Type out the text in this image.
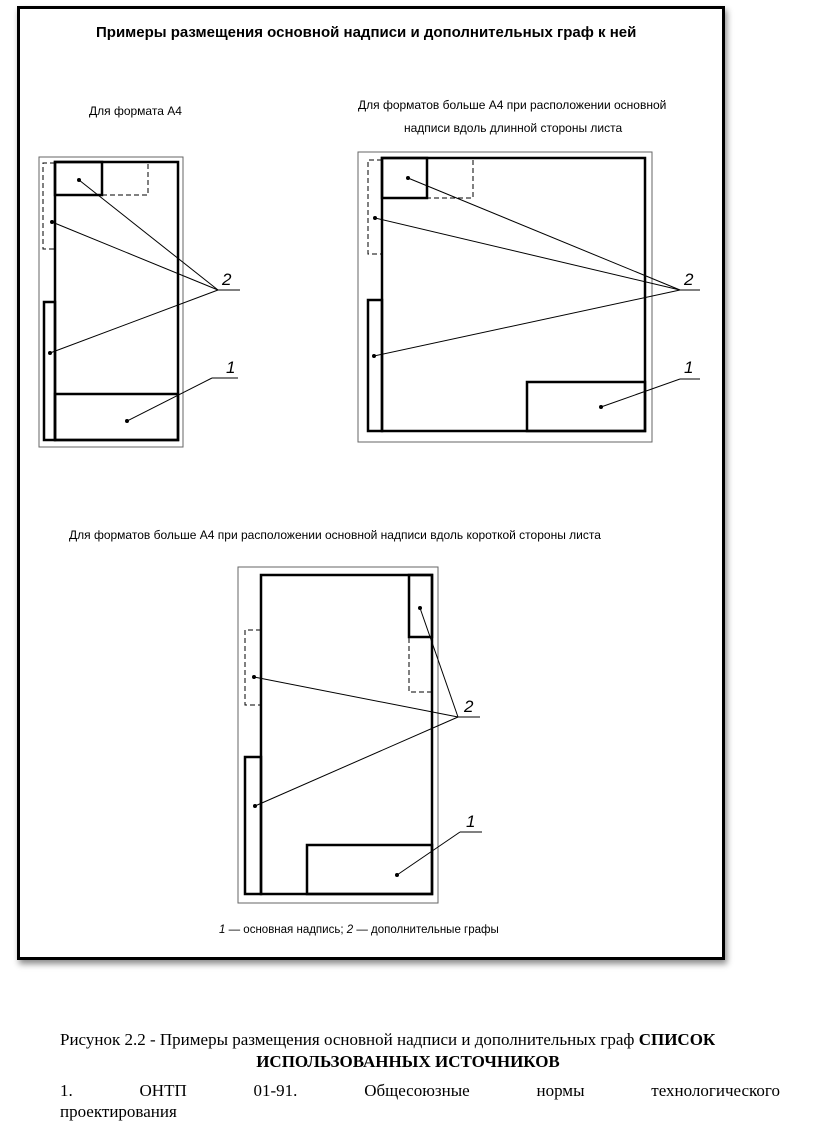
Примеры размещения основной надписи и дополнительных граф к ней
Для формата А4
2
1
Для форматов больше А4 при расположении основной
надписи вдоль длинной стороны листа
2
1
Для форматов больше А4 при расположении основной надписи вдоль короткой стороны листа
2
1
1 — основная надпись; 2 — дополнительные графы
Рисунок 2.2 - Примеры размещения основной надписи и дополнительных граф СПИСОК
ИСПОЛЬЗОВАННЫХ ИСТОЧНИКОВ
1.	ОНТП	01-91.	Общесоюзные	нормы	технологического
проектирования
